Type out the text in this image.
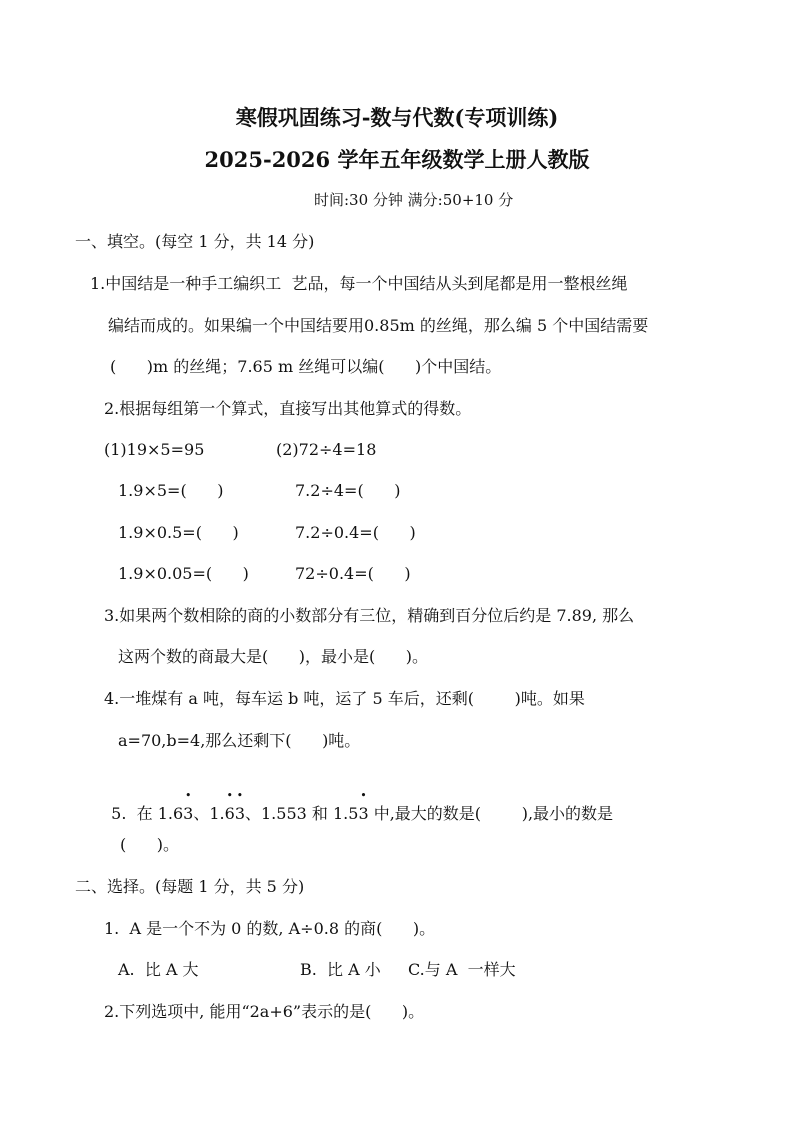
寒假巩固练习-数与代数(专项训练)
2025-2026 学年五年级数学上册人教版
时间:30 分钟 满分:50+10 分
一、填空。(每空 1 分，共 14 分)
1.中国结是一种手工编织工  艺品，每一个中国结从头到尾都是用一整根丝绳
编结而成的。如果编一个中国结要用0.85m 的丝绳，那么编 5 个中国结需要
(      )m 的丝绳；7.65 m 丝绳可以编(      )个中国结。
2.根据每组第一个算式，直接写出其他算式的得数。
(1)19×5=95	(2)72÷4=18
1.9×5=(      )	7.2÷4=(      )
1.9×0.5=(      )	7.2÷0.4=(      )
1.9×0.05=(      )	72÷0.4=(      )
3.如果两个数相除的商的小数部分有三位，精确到百分位后约是 7.89, 那么
这两个数的商最大是(      )，最小是(      )。
4.一堆煤有 a 吨，每车运 b 吨，运了 5 车后，还剩(        )吨。如果
a=70,b=4,那么还剩下(      )吨。

5.  在 1.6• 3、1.• 6• 3、1.553 和 1.5• 3 中,最大的数是(        ),最小的数是

(      )。
二、选择。(每题 1 分，共 5 分)
1.  A 是一个不为 0 的数, A÷0.8 的商(      )。
A.  比 A 大	B.  比 A 小 C.与 A  一样大
2.下列选项中, 能用“2a+6”表示的是(      )。
